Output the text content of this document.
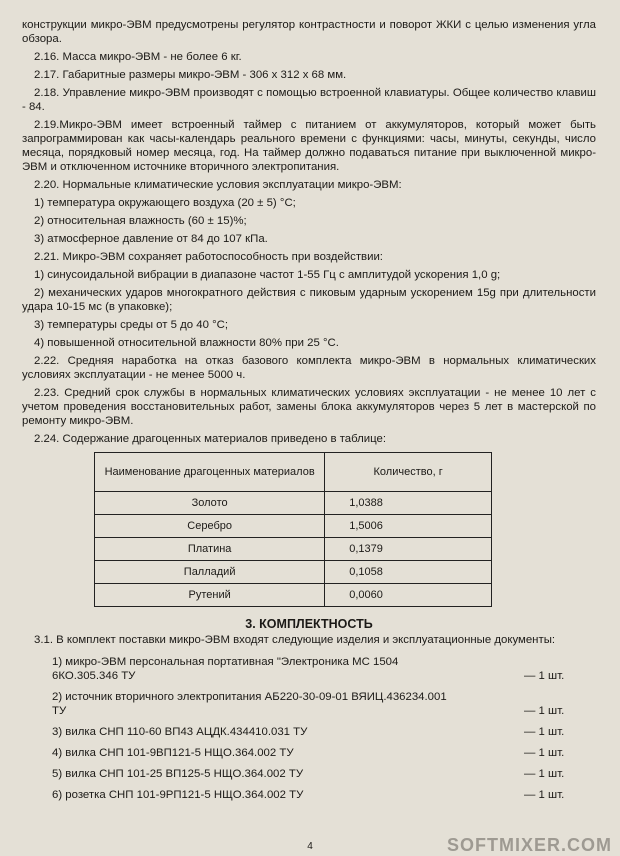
конструкции микро-ЭВМ предусмотрены регулятор контрастности и поворот ЖКИ с целью изменения угла обзора.

2.16. Масса микро-ЭВМ - не более 6 кг.

2.17. Габаритные размеры микро-ЭВМ - 306 х 312 х 68 мм.

2.18. Управление микро-ЭВМ производят с помощью встроенной клавиатуры. Общее количество клавиш - 84.

2.19.Микро-ЭВМ имеет встроенный таймер с питанием от аккумуляторов, который может быть запрограммирован как часы-календарь реального времени с функциями: часы, минуты, секунды, число месяца, порядковый номер месяца, год. На таймер должно подаваться питание при выключенной микро-ЭВМ и отключенном источнике вторичного электропитания.

2.20. Нормальные климатические условия эксплуатации микро-ЭВМ:

1) температура окружающего воздуха (20 ± 5) °С;

2) относительная влажность (60 ± 15)%;

3) атмосферное давление от 84 до 107 кПа.

2.21. Микро-ЭВМ сохраняет работоспособность при воздействии:

1) синусоидальной вибрации в диапазоне частот 1-55 Гц с амплитудой ускорения 1,0 g;

2) механических ударов многократного действия с пиковым ударным ускорением 15g при длительности удара 10-15 мс (в упаковке);

3) температуры среды от 5 до 40 °С;

4) повышенной относительной влажности 80% при 25 °С.

2.22. Средняя наработка на отказ базового комплекта микро-ЭВМ в нормальных климатических условиях эксплуатации - не менее 5000 ч.

2.23. Средний срок службы в нормальных климатических условиях эксплуатации - не менее 10 лет с учетом проведения восстановительных работ, замены блока аккумуляторов через 5 лет в мастерской по ремонту микро-ЭВМ.

2.24. Содержание драгоценных материалов приведено в таблице:

Наименование драгоценных материалов	Количество, г
Золото	1,0388
Серебро	1,5006
Платина	0,1379
Палладий	0,1058
Рутений	0,0060
3. КОМПЛЕКТНОСТЬ

3.1. В комплект поставки микро-ЭВМ входят следующие изделия и эксплуатационные документы:

1) микро-ЭВМ персональная портативная "Электроника МС 1504 6КО.305.346 ТУ	— 1 шт.
2) источник вторичного электропитания АБ220-30-09-01 ВЯИЦ.436234.001 ТУ	— 1 шт.
3) вилка СНП 110-60 ВП43 АЦДК.434410.031 ТУ	— 1 шт.
4) вилка СНП 101-9ВП121-5 НЩО.364.002 ТУ	— 1 шт.
5) вилка СНП 101-25 ВП125-5 НЩО.364.002 ТУ	— 1 шт.
6) розетка СНП 101-9РП121-5 НЩО.364.002 ТУ	— 1 шт.
4	SOFTMIXER.COM
